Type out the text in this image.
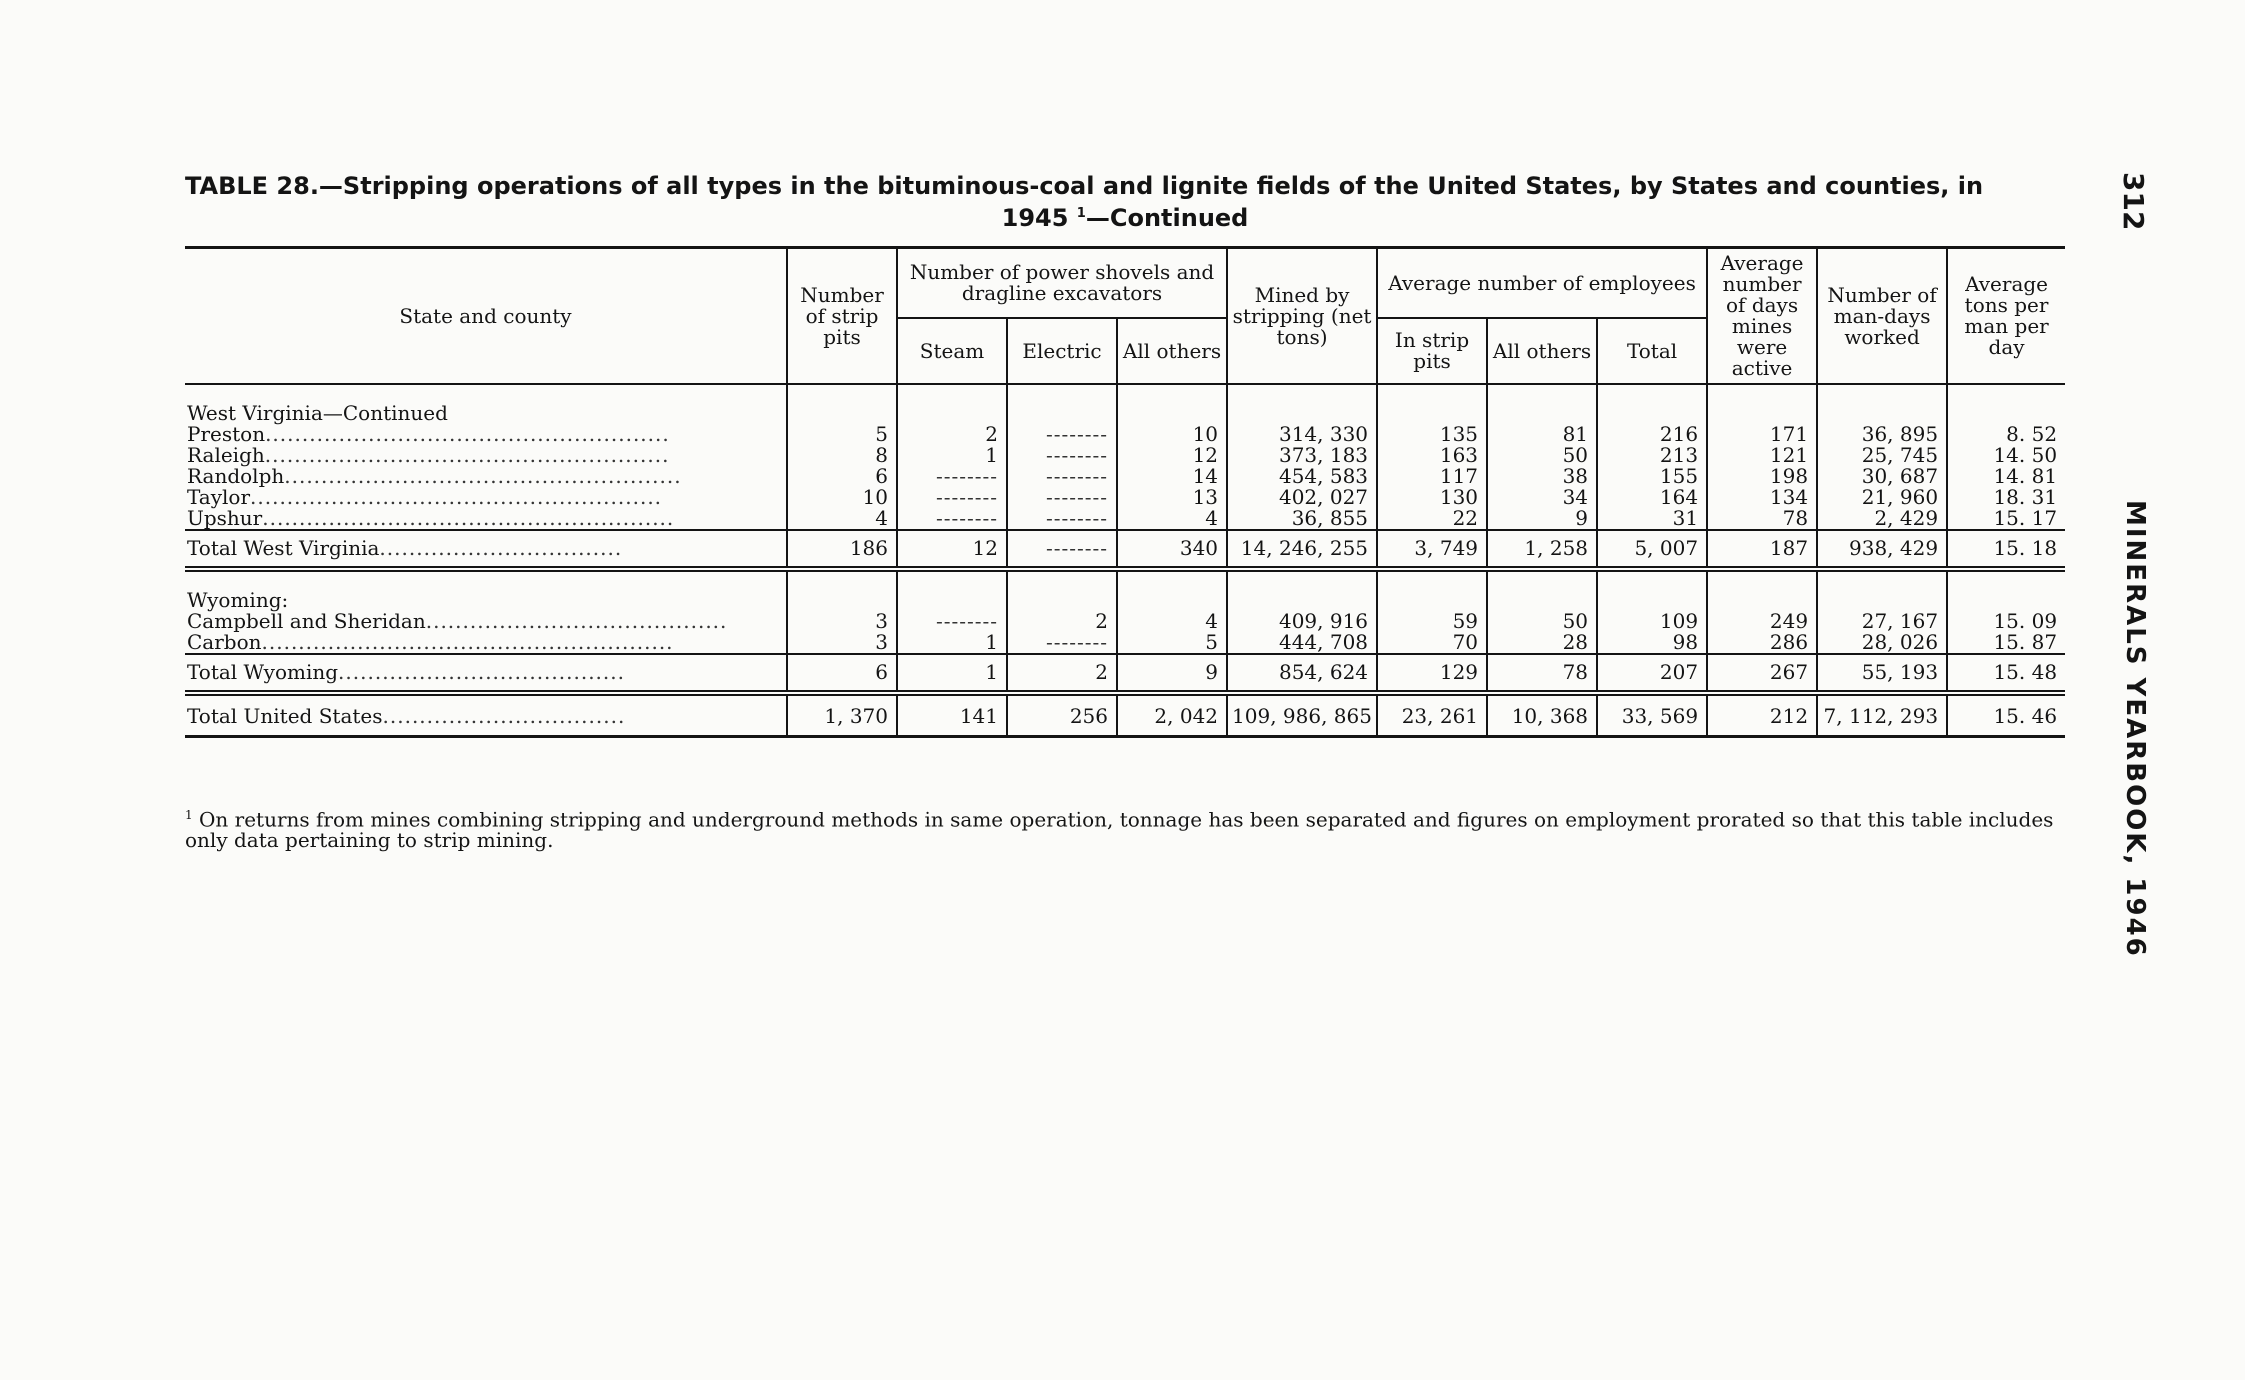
TABLE 28.—Stripping operations of all types in the bituminous-coal and lignite fields of the United States, by States and counties, in
1945 $^1$—Continued	312
MINERALS YEARBOOK, 1946
State and county	Number of strip pits	Number of power shovels and dragline excavators			Mined by stripping (net tons)	Average number of employees			Average number of days mines were active	Number of man-days worked	Average tons per man per day
		Steam	Electric	All others		In strip pits	All others	Total			

West Virginia—Continued											
Preston.......................................................	5	2	--------	10	314, 330	135	81	216	171	36, 895	8. 52
Raleigh.......................................................	8	1	--------	12	373, 183	163	50	213	121	25, 745	14. 50
Randolph......................................................	6	--------	--------	14	454, 583	117	38	155	198	30, 687	14. 81
Taylor........................................................	10	--------	--------	13	402, 027	130	34	164	134	21, 960	18. 31
Upshur........................................................	4	--------	--------	4	36, 855	22	9	31	78	2, 429	15. 17
Total West Virginia.................................	186	12	--------	340	14, 246, 255	3, 749	1, 258	5, 007	187	938, 429	15. 18

Wyoming:											
Campbell and Sheridan.........................................	3	--------	2	4	409, 916	59	50	109	249	27, 167	15. 09
Carbon........................................................	3	1	--------	5	444, 708	70	28	98	286	28, 026	15. 87
Total Wyoming.......................................	6	1	2	9	854, 624	129	78	207	267	55, 193	15. 48
Total United States.................................	1, 370	141	256	2, 042	109, 986, 865	23, 261	10, 368	33, 569	212	7, 112, 293	15. 46
$^1$ On returns from mines combining stripping and underground methods in same operation, tonnage has been separated and figures on employment prorated so that this table includes only data pertaining to strip mining.
